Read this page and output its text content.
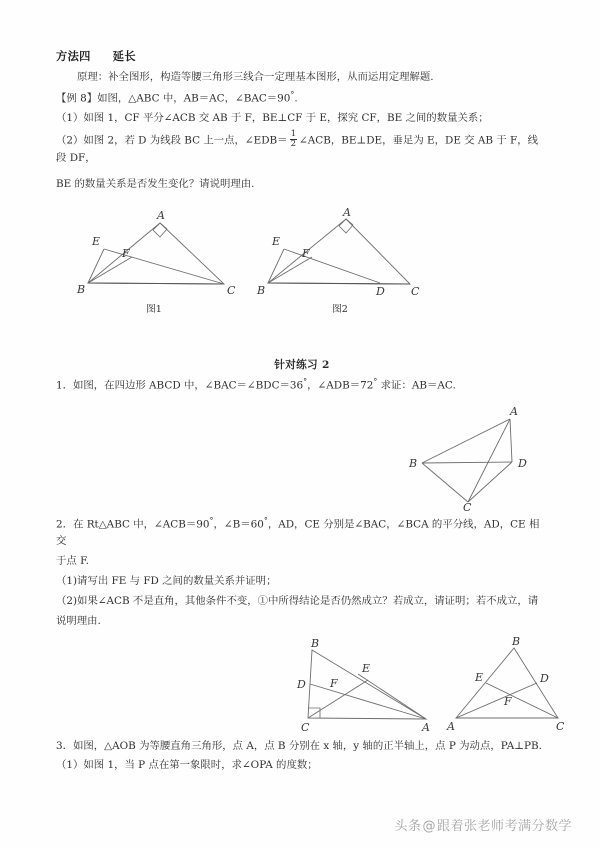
方法四 延长

原理：补全图形，构造等腰三角形三线合一定理基本图形，从而运用定理解题.

【例 8】如图，△ABC 中，AB＝AC，∠BAC＝90°.

（1）如图 1，CF 平分∠ACB 交 AB 于 F，BE⊥CF 于 E，探究 CF，BE 之间的数量关系；

（2）如图 2，若 D 为线段 BC 上一点，∠EDB＝ $\frac{1}{2}$ ∠ACB，BE⊥DE，垂足为 E，DE 交 AB 于 F，线段 DF，

BE 的数量关系是否发生变化？请说明理由.

A
B	C
E
F
图1
A
B	D C
E
F
图2

针对练习 2

1．如图，在四边形 ABCD 中，∠BAC＝∠BDC＝36°，∠ADB＝72° 求证：AB＝AC.

A
B
C
D

2．在 Rt△ABC 中，∠ACB＝90°，∠B＝60°，AD，CE 分别是∠BAC，∠BCA 的平分线，AD，CE 相交

于点 F.

（1)请写出 FE 与 FD 之间的数量关系并证明；

（2)如果∠ACB 不是直角，其他条件不变，①中所得结论是否仍然成立？若成立，请证明；若不成立，请

说明理由.

B
D
E
F
C	A
B
E	D
F
A	C

3．如图，△AOB 为等腰直角三角形，点 A，点 B 分别在 x 轴，y 轴的正半轴上，点 P 为动点，PA⊥PB.

（1）如图 1，当 P 点在第一象限时，求∠OPA 的度数；

头条@跟着张老师考满分数学
